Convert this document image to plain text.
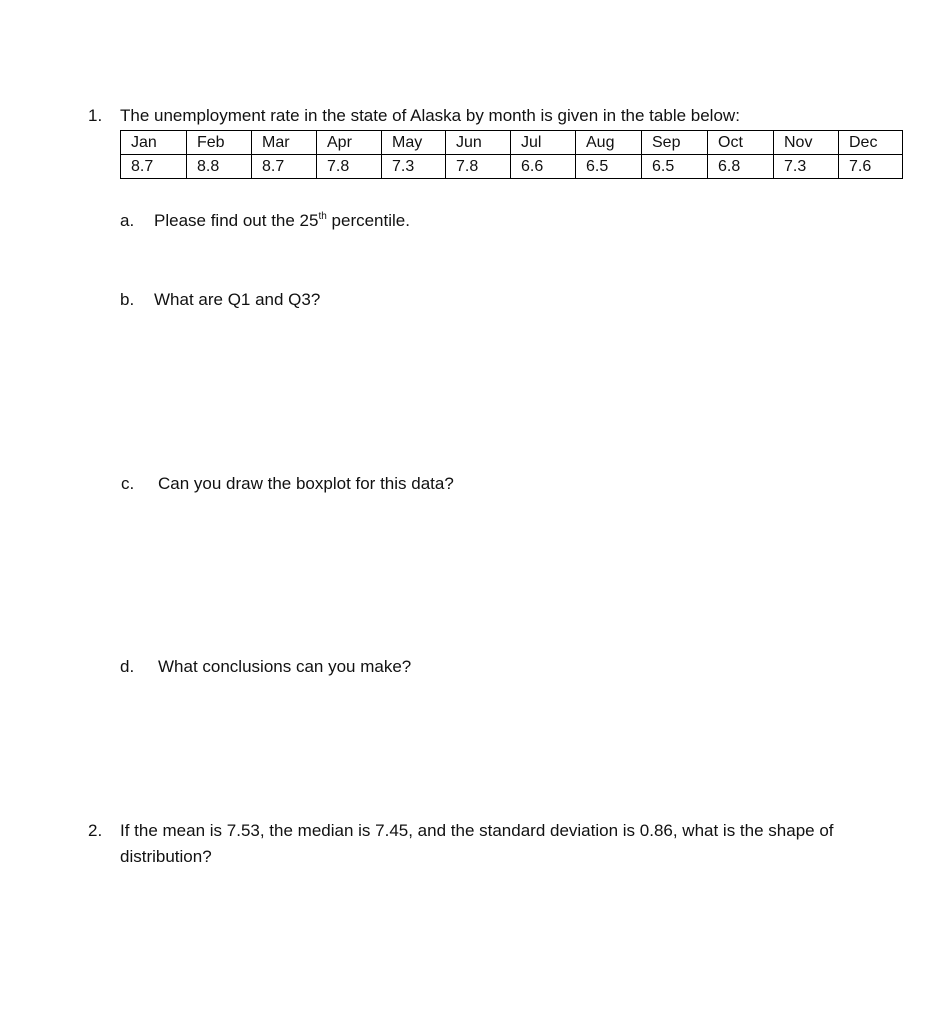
1. The unemployment rate in the state of Alaska by month is given in the table below:
Jan	Feb	Mar	Apr	May	Jun	Jul	Aug	Sep	Oct	Nov	Dec
8.7	8.8	8.7	7.8	7.3	7.8	6.6	6.5	6.5	6.8	7.3	7.6
a. Please find out the 25th percentile.
b. What are Q1 and Q3?
c. Can you draw the boxplot for this data?
d. What conclusions can you make?
2. If the mean is 7.53, the median is 7.45, and the standard deviation is 0.86, what is the shape of
distribution?
